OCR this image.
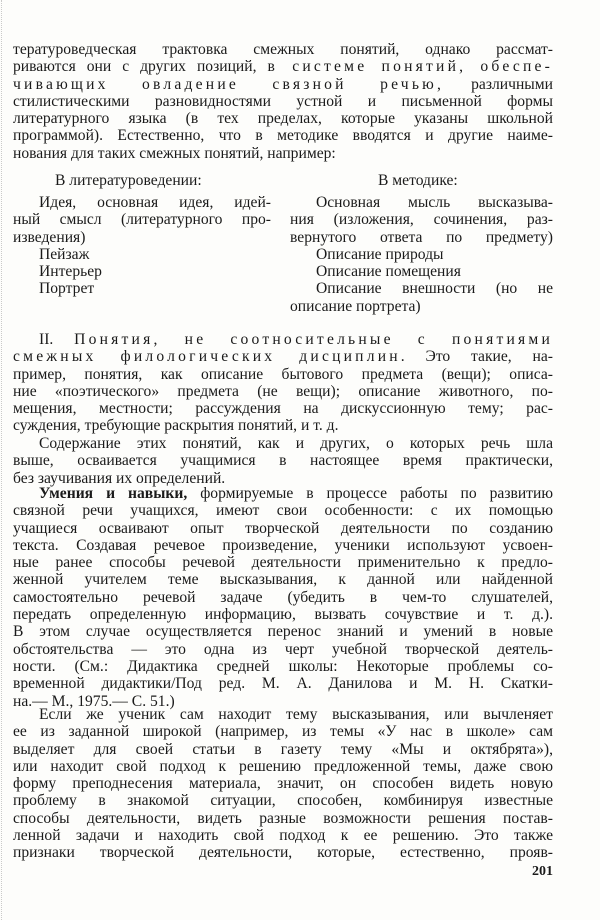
тературоведческая трактовка смежных понятий, однако рассмат-
риваются они с других позиций, в системе понятий, обеспе-
чивающих овладение связной речью, различными
стилистическими разновидностями устной и письменной формы
литературного языка (в тех пределах, которые указаны школьной
программой). Естественно, что в методике вводятся и другие наиме-
нования для таких смежных понятий, например:
В литературоведении:	В методике:
Идея, основная идея, идей-
ный смысл (литературного про-
изведения)
Пейзаж
Интерьер
Портрет
Основная мысль высказыва-
ния (изложения, сочинения, раз-
вернутого ответа по предмету)
Описание природы
Описание помещения
Описание внешности (но не
описание портрета)
II. Понятия, не соотносительные с понятиями
смежных филологических дисциплин. Это такие, на-
пример, понятия, как описание бытового предмета (вещи); описа-
ние «поэтического» предмета (не вещи); описание животного, по-
мещения, местности; рассуждения на дискуссионную тему; рас-
суждения, требующие раскрытия понятий, и т. д.
Содержание этих понятий, как и других, о которых речь шла
выше, осваивается учащимися в настоящее время практически,
без заучивания их определений.
Умения и навыки, формируемые в процессе работы по развитию
связной речи учащихся, имеют свои особенности: с их помощью
учащиеся осваивают опыт творческой деятельности по созданию
текста. Создавая речевое произведение, ученики используют усвоен-
ные ранее способы речевой деятельности применительно к предло-
женной учителем теме высказывания, к данной или найденной
самостоятельно речевой задаче (убедить в чем-то слушателей,
передать определенную информацию, вызвать сочувствие и т. д.).
В этом случае осуществляется перенос знаний и умений в новые
обстоятельства — это одна из черт учебной творческой деятель-
ности. (См.: Дидактика средней школы: Некоторые проблемы со-
временной дидактики/Под ред. М. А. Данилова и М. Н. Скатки-
на.— М., 1975.— С. 51.)
Если же ученик сам находит тему высказывания, или вычленяет
ее из заданной широкой (например, из темы «У нас в школе» сам
выделяет для своей статьи в газету тему «Мы и октябрята»),
или находит свой подход к решению предложенной темы, даже свою
форму преподнесения материала, значит, он способен видеть новую
проблему в знакомой ситуации, способен, комбинируя известные
способы деятельности, видеть разные возможности решения постав-
ленной задачи и находить свой подход к ее решению. Это также
признаки творческой деятельности, которые, естественно, прояв-
201
